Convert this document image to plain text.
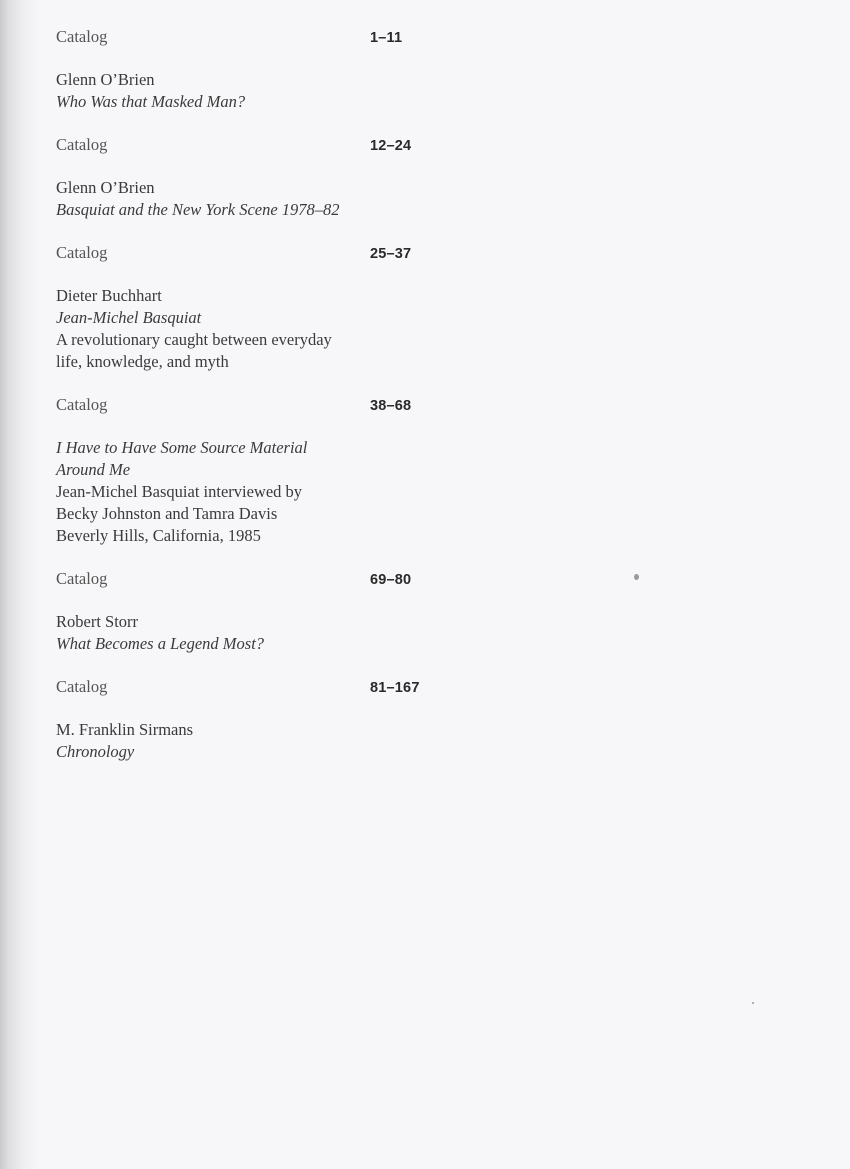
Catalog	1–11
Glenn O’Brien
Who Was that Masked Man?
Catalog	12–24
Glenn O’Brien
Basquiat and the New York Scene 1978–82
Catalog	25–37
Dieter Buchhart
Jean-Michel Basquiat
A revolutionary caught between everyday
life, knowledge, and myth
Catalog	38–68
I Have to Have Some Source Material
Around Me
Jean-Michel Basquiat interviewed by
Becky Johnston and Tamra Davis
Beverly Hills, California, 1985
Catalog	69–80
Robert Storr
What Becomes a Legend Most?
Catalog	81–167
M. Franklin Sirmans
Chronology
